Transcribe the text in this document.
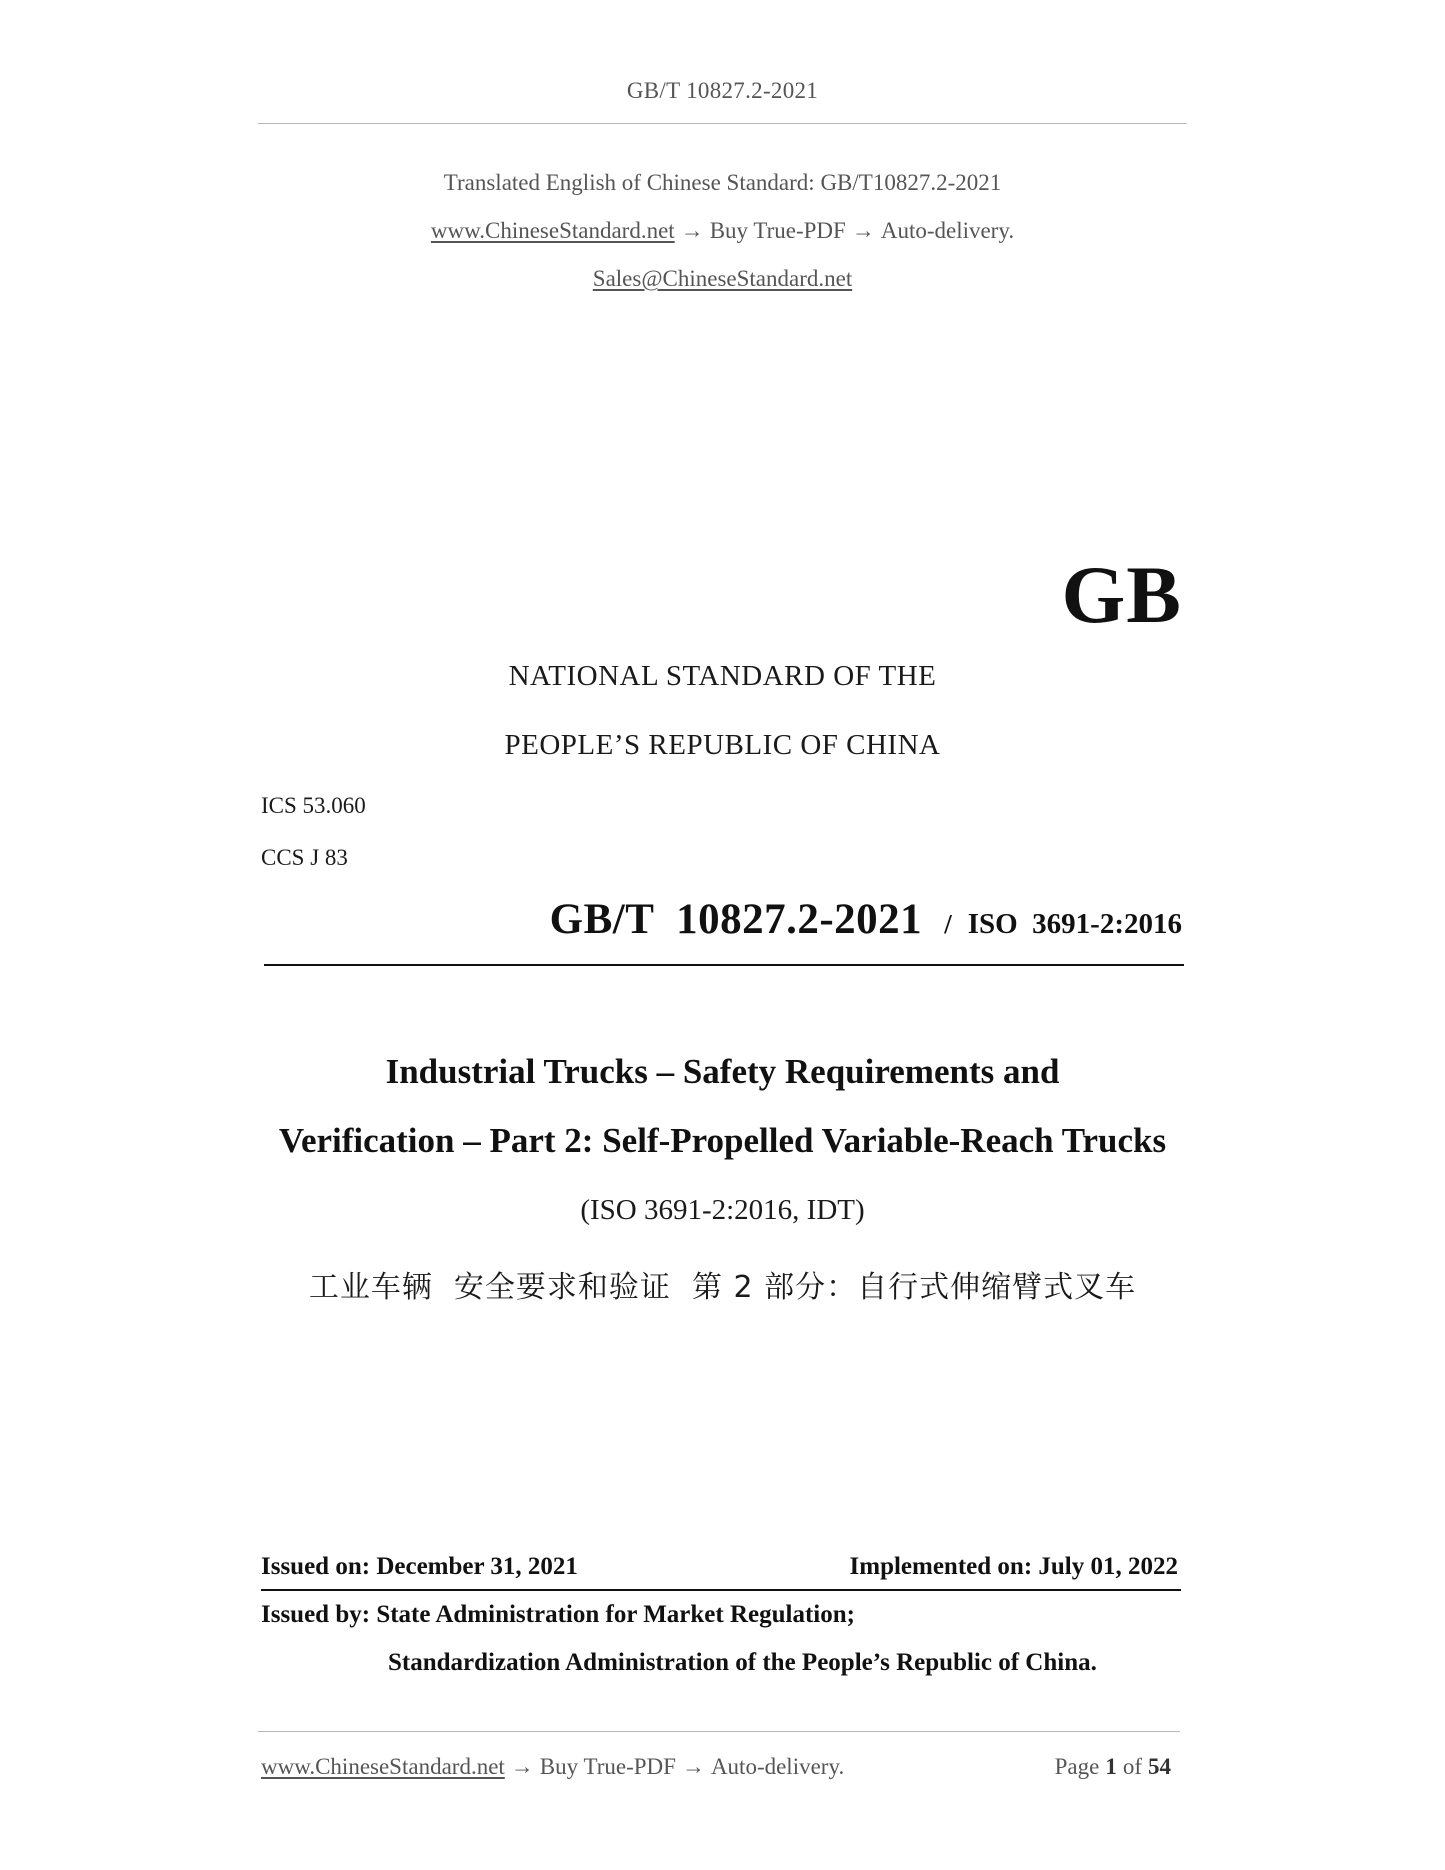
GB/T 10827.2-2021
Translated English of Chinese Standard: GB/T10827.2-2021
www.ChineseStandard.net → Buy True-PDF → Auto-delivery.
Sales@ChineseStandard.net
GB
NATIONAL STANDARD OF THE
PEOPLE’S REPUBLIC OF CHINA
ICS 53.060
CCS J 83
GB/T  10827.2-2021 / ISO  3691-2:2016
Industrial Trucks – Safety Requirements and
Verification – Part 2: Self-Propelled Variable-Reach Trucks
(ISO 3691-2:2016, IDT)
工业车辆  安全要求和验证  第 2 部分：自行式伸缩臂式叉车
Issued on: December 31, 2021	Implemented on: July 01, 2022
Issued by: State Administration for Market Regulation;
Standardization Administration of the People’s Republic of China.
www.ChineseStandard.net → Buy True-PDF → Auto-delivery.	Page 1 of 54
